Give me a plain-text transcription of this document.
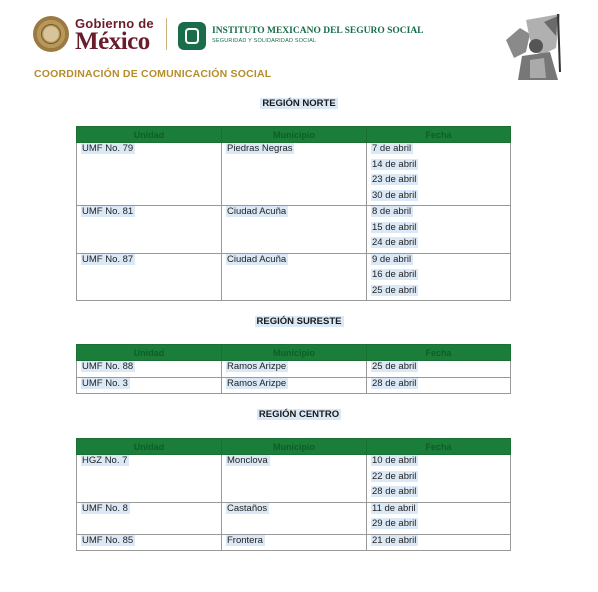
Gobierno de
México	INSTITUTO MEXICANO DEL SEGURO SOCIAL
SEGURIDAD Y SOLIDARIDAD SOCIAL
COORDINACIÓN DE COMUNICACIÓN SOCIAL
REGIÓN NORTE
Unidad	Municipio	Fecha
UMF No. 79	Piedras Negras	7 de abril
		14 de abril
		23 de abril
		30 de abril
UMF No. 81	Ciudad Acuña	8 de abril
		15 de abril
		24 de abril
UMF No. 87	Ciudad Acuña	9 de abril
		16 de abril
		25 de abril
REGIÓN SURESTE
Unidad	Municipio	Fecha
UMF No. 88	Ramos Arizpe	25 de abril
UMF No. 3	Ramos Arizpe	28 de abril
REGIÓN CENTRO
Unidad	Municipio	Fecha
HGZ No. 7	Monclova	10 de abril
		22 de abril
		28 de abril
UMF No. 8	Castaños	11 de abril
		29 de abril
UMF No. 85	Frontera	21 de abril
